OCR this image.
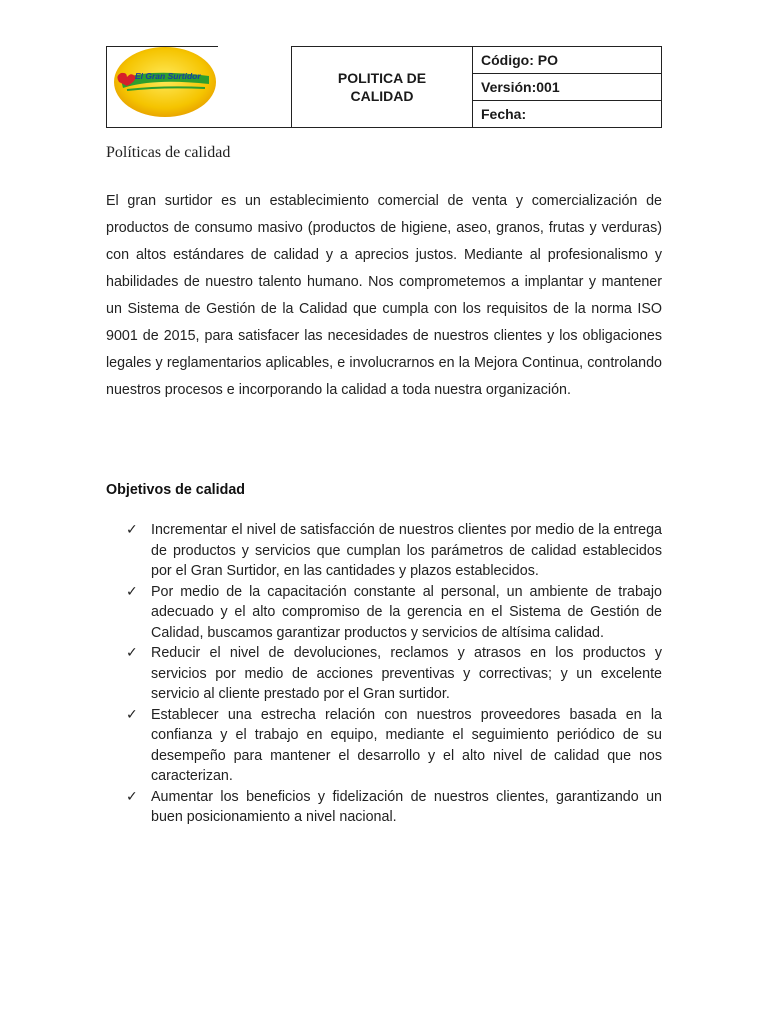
POLITICA DE
CALIDAD
	Código: PO
Versión:001
Fecha:
El Gran Surtidor
Políticas de calidad
El gran surtidor es un establecimiento comercial de venta y comercialización de productos de consumo masivo (productos de higiene, aseo, granos, frutas y verduras) con altos estándares de calidad y a aprecios justos. Mediante al profesionalismo y habilidades de nuestro talento humano. Nos comprometemos a implantar y mantener un Sistema de Gestión de la Calidad que cumpla con los requisitos de la norma ISO 9001 de 2015, para satisfacer las necesidades de nuestros clientes y los obligaciones legales y reglamentarios aplicables, e involucrarnos en la Mejora Continua, controlando nuestros procesos e incorporando la calidad a toda nuestra organización.
Objetivos de calidad
✓ Incrementar el nivel de satisfacción de nuestros clientes por medio de la entrega de productos y servicios que cumplan los parámetros de calidad establecidos por el Gran Surtidor, en las cantidades y plazos establecidos.
✓ Por medio de la capacitación constante al personal, un ambiente de trabajo adecuado y el alto compromiso de la gerencia en el Sistema de Gestión de Calidad, buscamos garantizar productos y servicios de altísima calidad.
✓ Reducir el nivel de devoluciones, reclamos y atrasos en los productos y servicios por medio de acciones preventivas y correctivas; y un excelente servicio al cliente prestado por el Gran surtidor.
✓ Establecer una estrecha relación con nuestros proveedores basada en la confianza y el trabajo en equipo, mediante el seguimiento periódico de su desempeño para mantener el desarrollo y el alto nivel de calidad que nos caracterizan.
✓ Aumentar los beneficios y fidelización de nuestros clientes, garantizando un buen posicionamiento a nivel nacional.
